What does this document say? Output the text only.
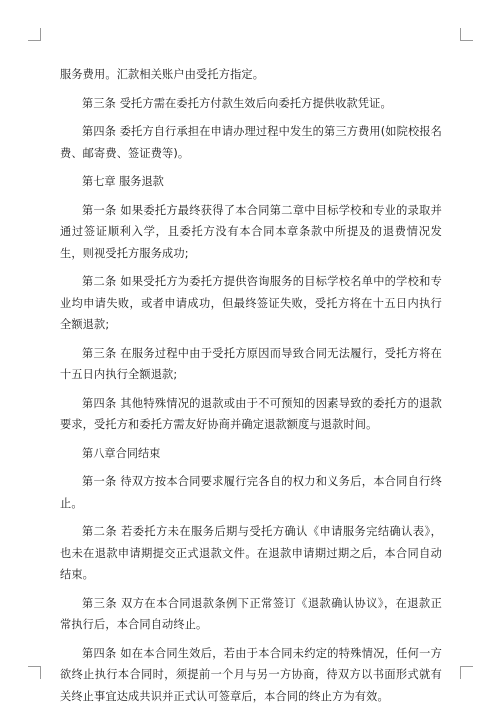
服务费用。汇款相关账户由受托方指定。

第三条 受托方需在委托方付款生效后向委托方提供收款凭证。

第四条 委托方自行承担在申请办理过程中发生的第三方费用(如院校报名费、邮寄费、签证费等)。

第七章 服务退款

第一条 如果委托方最终获得了本合同第二章中目标学校和专业的录取并通过签证顺利入学，且委托方没有本合同本章条款中所提及的退费情况发生，则视受托方服务成功;

第二条 如果受托方为委托方提供咨询服务的目标学校名单中的学校和专业均申请失败，或者申请成功，但最终签证失败，受托方将在十五日内执行全额退款;

第三条 在服务过程中由于受托方原因而导致合同无法履行，受托方将在十五日内执行全额退款;

第四条 其他特殊情况的退款或由于不可预知的因素导致的委托方的退款要求，受托方和委托方需友好协商并确定退款额度与退款时间。

第八章合同结束

第一条 待双方按本合同要求履行完各自的权力和义务后，本合同自行终止。

第二条 若委托方未在服务后期与受托方确认《申请服务完结确认表》，也未在退款申请期提交正式退款文件。在退款申请期过期之后，本合同自动结束。

第三条 双方在本合同退款条例下正常签订《退款确认协议》，在退款正常执行后，本合同自动终止。

第四条 如在本合同生效后，若由于本合同未约定的特殊情况，任何一方欲终止执行本合同时，须提前一个月与另一方协商，待双方以书面形式就有关终止事宜达成共识并正式认可签章后，本合同的终止方为有效。
